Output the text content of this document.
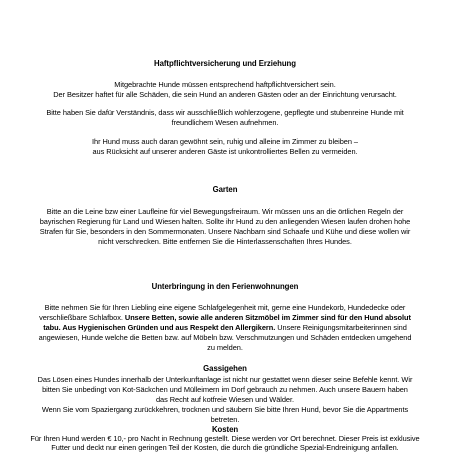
Haftpflichtversicherung und Erziehung
Mitgebrachte Hunde müssen entsprechend haftpflichtversichert sein.
Der Besitzer haftet für alle Schäden, die sein Hund an anderen Gästen oder an der Einrichtung verursacht.
Bitte haben Sie dafür Verständnis, dass wir ausschließlich wohlerzogene, gepflegte und stubenreine Hunde mit
freundlichem Wesen aufnehmen.
Ihr Hund muss auch daran gewöhnt sein, ruhig und alleine im Zimmer zu bleiben –
aus Rücksicht auf unserer anderen Gäste ist unkontrolliertes Bellen zu vermeiden.
Garten
Bitte an die Leine bzw einer Laufleine für viel Bewegungsfreiraum. Wir müssen uns an die örtlichen Regeln der
bayrischen Regierung für Land und Wiesen halten. Sollte ihr Hund zu den anliegenden Wiesen laufen drohen hohe
Strafen für Sie, besonders in den Sommermonaten. Unsere Nachbarn sind Schaafe und Kühe und diese wollen wir
nicht verschrecken. Bitte entfernen Sie die Hinterlassenschaften Ihres Hundes.
Unterbringung in den Ferienwohnungen
Bitte nehmen Sie für Ihren Liebling eine eigene Schlafgelegenheit mit, gerne eine Hundekorb, Hundedecke oder
verschließbare Schlafbox. Unsere Betten, sowie alle anderen Sitzmöbel im Zimmer sind für den Hund absolut
tabu. Aus Hygienischen Gründen und aus Respekt den Allergikern. Unsere Reinigungsmitarbeiterinnen sind
angewiesen, Hunde welche die Betten bzw. auf Möbeln bzw. Verschmutzungen und Schäden entdecken umgehend
zu melden.
Gassigehen
Das Lösen eines Hundes innerhalb der Unterkunftanlage ist nicht nur gestattet wenn dieser seine Befehle kennt. Wir
bitten Sie unbedingt von Kot-Säckchen und Mülleimern im Dorf gebrauch zu nehmen. Auch unsere Bauern haben
das Recht auf kotfreie Wiesen und Wälder.
Wenn Sie vom Spaziergang zurückkehren, trocknen und säubern Sie bitte Ihren Hund, bevor Sie die Appartments
betreten.
Kosten
Für Ihren Hund werden € 10,- pro Nacht in Rechnung gestellt. Diese werden vor Ort berechnet. Dieser Preis ist exklusive
Futter und deckt nur einen geringen Teil der Kosten, die durch die gründliche Spezial-Endreinigung anfallen.
